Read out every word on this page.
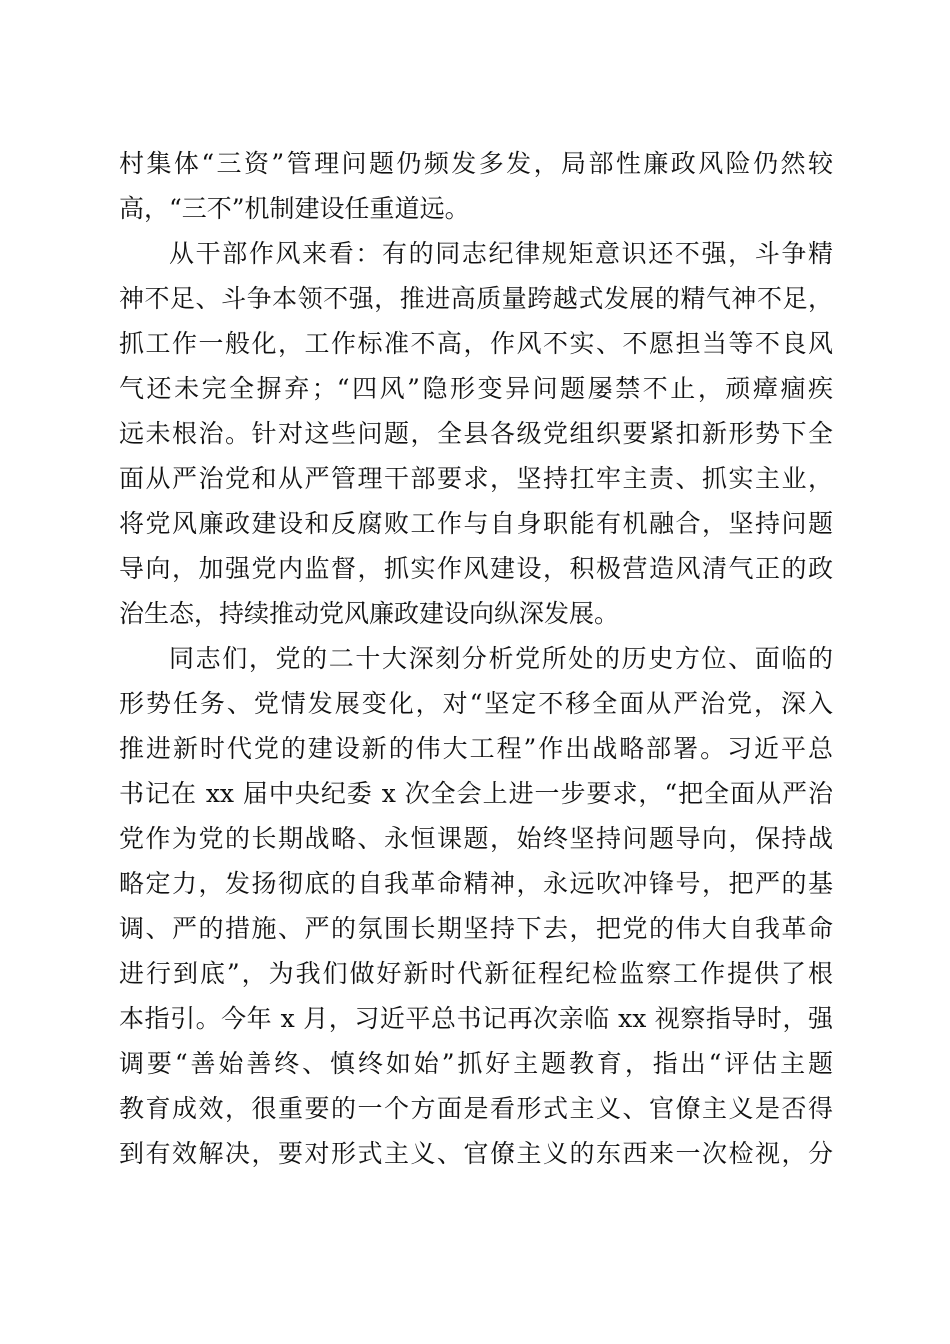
村集体“三资”管理问题仍频发多发，局部性廉政风险仍然较
高，“三不”机制建设任重道远。
从干部作风来看：有的同志纪律规矩意识还不强，斗争精
神不足、斗争本领不强，推进高质量跨越式发展的精气神不足，
抓工作一般化，工作标准不高，作风不实、不愿担当等不良风
气还未完全摒弃；“四风”隐形变异问题屡禁不止，顽瘴痼疾
远未根治。针对这些问题，全县各级党组织要紧扣新形势下全
面从严治党和从严管理干部要求，坚持扛牢主责、抓实主业，
将党风廉政建设和反腐败工作与自身职能有机融合，坚持问题
导向，加强党内监督，抓实作风建设，积极营造风清气正的政
治生态，持续推动党风廉政建设向纵深发展。
同志们，党的二十大深刻分析党所处的历史方位、面临的
形势任务、党情发展变化，对“坚定不移全面从严治党，深入
推进新时代党的建设新的伟大工程”作出战略部署。习近平总
书记在 xx 届中央纪委 x 次全会上进一步要求，“把全面从严治
党作为党的长期战略、永恒课题，始终坚持问题导向，保持战
略定力，发扬彻底的自我革命精神，永远吹冲锋号，把严的基
调、严的措施、严的氛围长期坚持下去，把党的伟大自我革命
进行到底”，为我们做好新时代新征程纪检监察工作提供了根
本指引。今年 x 月，习近平总书记再次亲临 xx 视察指导时，强
调要“善始善终、慎终如始”抓好主题教育，指出“评估主题
教育成效，很重要的一个方面是看形式主义、官僚主义是否得
到有效解决，要对形式主义、官僚主义的东西来一次检视，分
